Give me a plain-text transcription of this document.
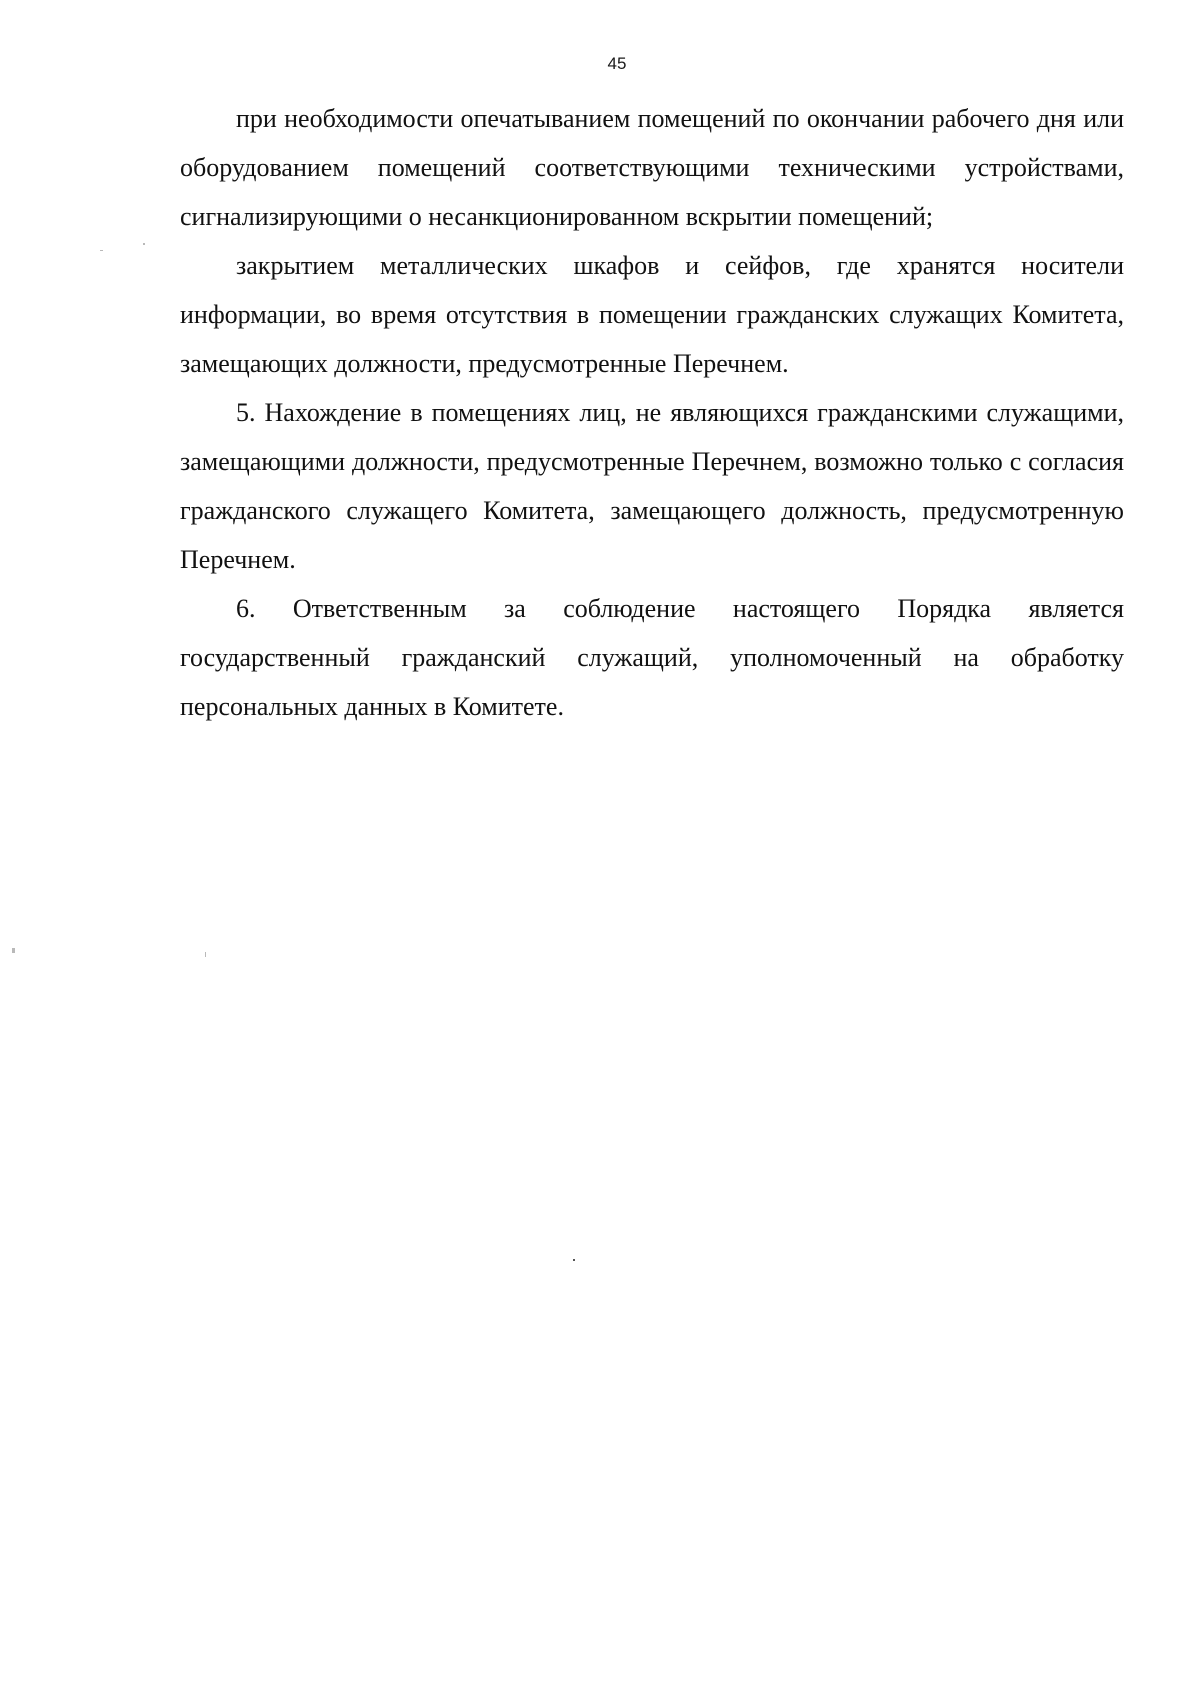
45

при необходимости опечатыванием помещений по окончании рабочего дня или оборудованием помещений соответствующими техническими устройствами, сигнализирующими о несанкционированном вскрытии помещений;

закрытием металлических шкафов и сейфов, где хранятся носители информации, во время отсутствия в помещении гражданских служащих Комитета, замещающих должности, предусмотренные Перечнем.

5. Нахождение в помещениях лиц, не являющихся гражданскими служащими, замещающими должности, предусмотренные Перечнем, возможно только с согласия гражданского служащего Комитета, замещающего должность, предусмотренную Перечнем.

6. Ответственным за соблюдение настоящего Порядка является государственный гражданский служащий, уполномоченный на обработку персональных данных в Комитете.
